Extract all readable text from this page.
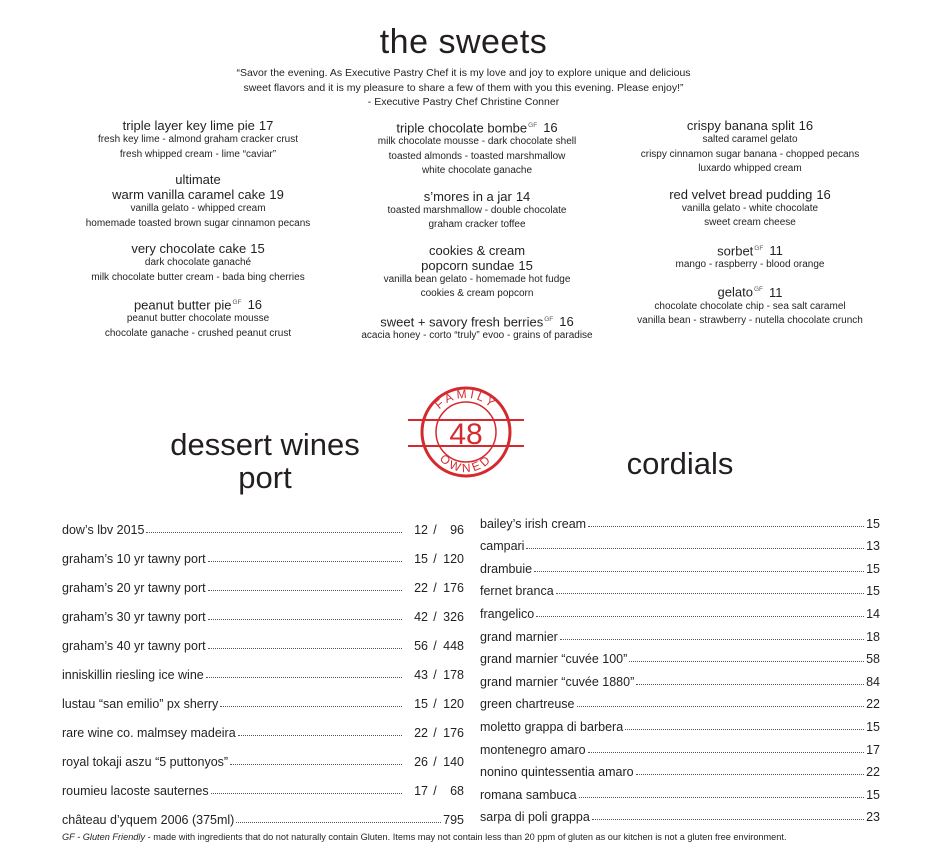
the sweets
“Savor the evening. As Executive Pastry Chef it is my love and joy to explore unique and delicious
sweet flavors and it is my pleasure to share a few of them with you this evening. Please enjoy!”
- Executive Pastry Chef Christine Conner
triple layer key lime pie 17
fresh key lime - almond graham cracker crust
fresh whipped cream - lime “caviar”
ultimate
warm vanilla caramel cake 19
vanilla gelato - whipped cream
homemade toasted brown sugar cinnamon pecans
very chocolate cake 15
dark chocolate ganaché
milk chocolate butter cream - bada bing cherries
peanut butter pie$^{GF}$ 16
peanut butter chocolate mousse
chocolate ganache - crushed peanut crust
triple chocolate bombe$^{GF}$ 16
milk chocolate mousse - dark chocolate shell
toasted almonds - toasted marshmallow
white chocolate ganache
s’mores in a jar 14
toasted marshmallow - double chocolate
graham cracker toffee
cookies & cream
popcorn sundae 15
vanilla bean gelato - homemade hot fudge
cookies & cream popcorn
sweet + savory fresh berries$^{GF}$ 16
acacia honey - corto “truly” evoo - grains of paradise
crispy banana split 16
salted caramel gelato
crispy cinnamon sugar banana - chopped pecans
luxardo whipped cream
red velvet bread pudding 16
vanilla gelato - white chocolate
sweet cream cheese
sorbet$^{GF}$ 11
mango - raspberry - blood orange
gelato$^{GF}$ 11
chocolate chocolate chip - sea salt caramel
vanilla bean - strawberry - nutella chocolate crunch
FAMILY
48
OWNED
dessert wines
port	cordials
dow’s lbv 2015	12 / 96
graham’s 10 yr tawny port	15 / 120
graham’s 20 yr tawny port	22 / 176
graham’s 30 yr tawny port	42 / 326
graham’s 40 yr tawny port	56 / 448
inniskillin riesling ice wine	43 / 178
lustau “san emilio” px sherry	15 / 120
rare wine co. malmsey madeira	22 / 176
royal tokaji aszu “5 puttonyos”	26 / 140
roumieu lacoste sauternes	17 / 68
château d’yquem 2006 (375ml)	795
bailey’s irish cream	15
campari	13
drambuie	15
fernet branca	15
frangelico	14
grand marnier	18
grand marnier “cuvée 100”	58
grand marnier “cuvée 1880”	84
green chartreuse	22
moletto grappa di barbera	15
montenegro amaro	17
nonino quintessentia amaro	22
romana sambuca	15
sarpa di poli grappa	23
GF - Gluten Friendly - made with ingredients that do not naturally contain Gluten. Items may not contain less than 20 ppm of gluten as our kitchen is not a gluten free environment.
